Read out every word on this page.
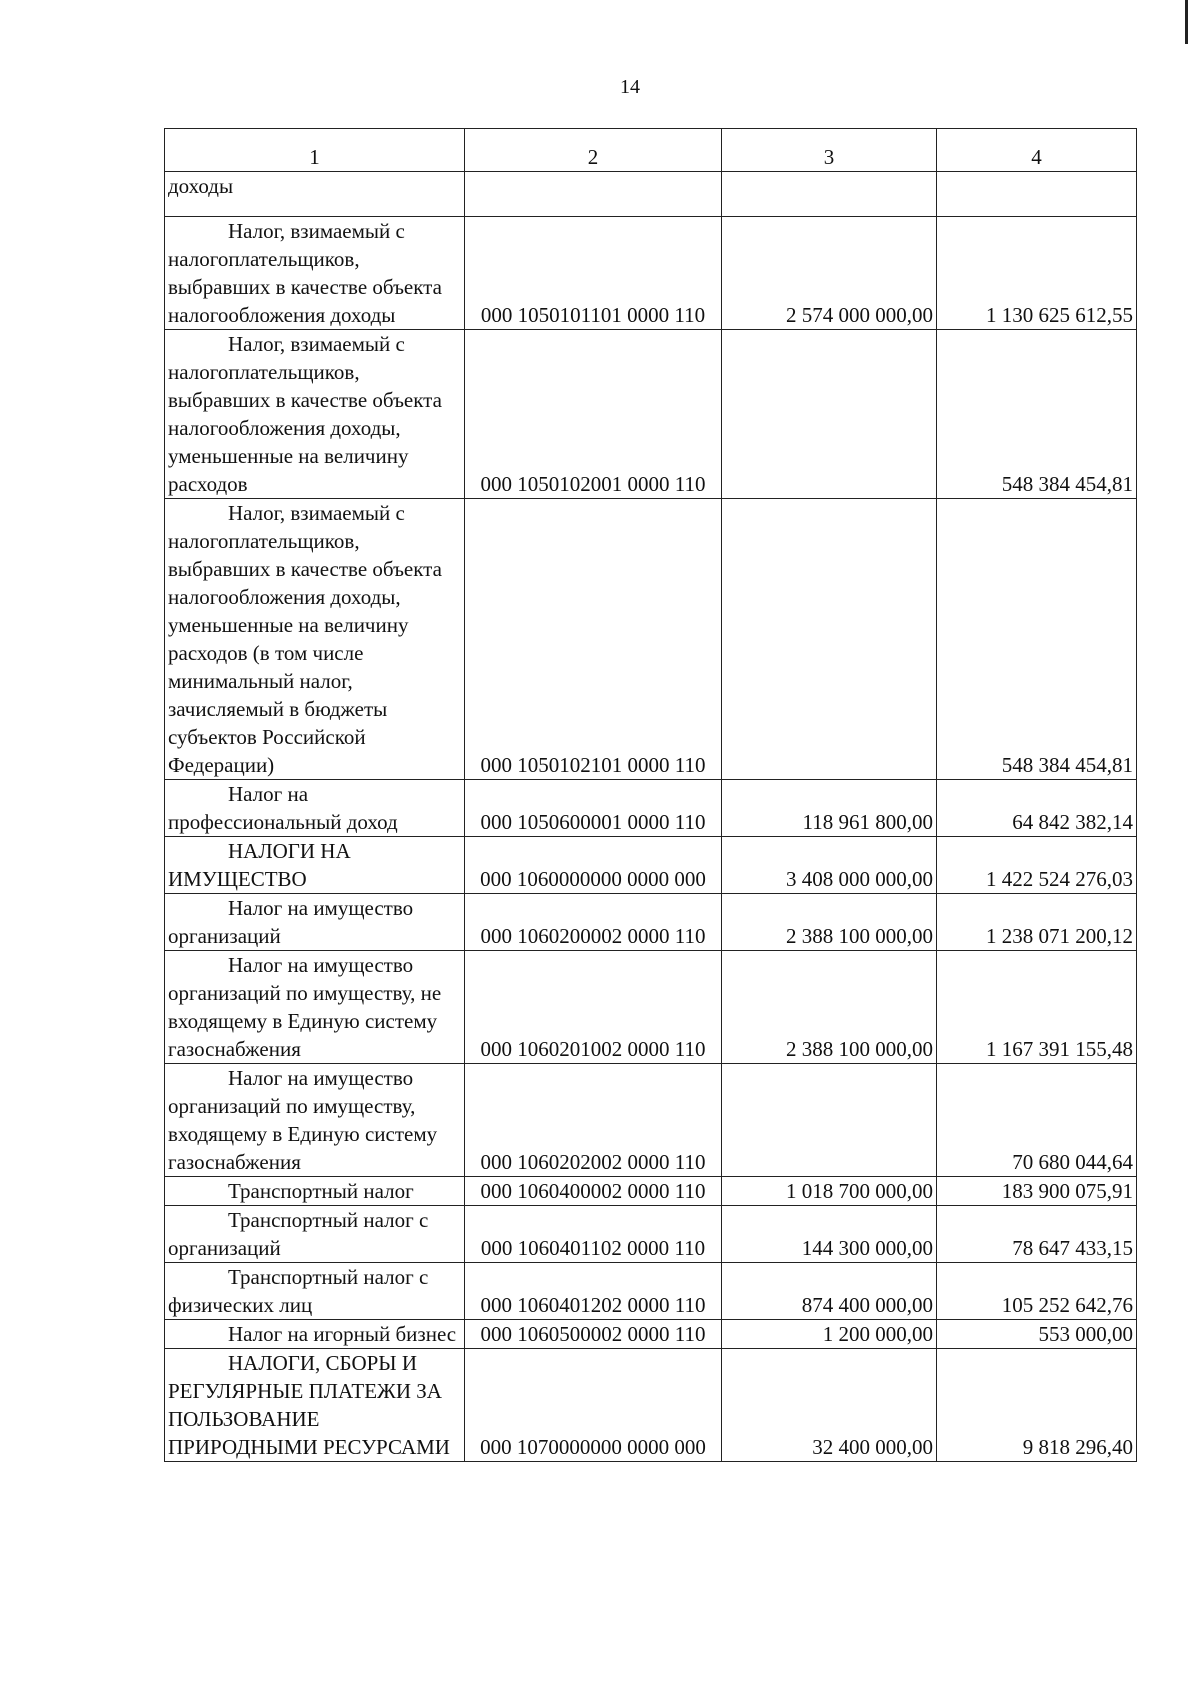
14
1	2	3	4
доходы			
Налог, взимаемый с налогоплательщиков, выбравших в качестве объекта налогообложения доходы	000 1050101101 0000 110	2 574 000 000,00	1 130 625 612,55
Налог, взимаемый с налогоплательщиков, выбравших в качестве объекта налогообложения доходы, уменьшенные на величину расходов	000 1050102001 0000 110		548 384 454,81
Налог, взимаемый с налогоплательщиков, выбравших в качестве объекта налогообложения доходы, уменьшенные на величину расходов (в том числе минимальный налог, зачисляемый в бюджеты субъектов Российской Федерации)	000 1050102101 0000 110		548 384 454,81
Налог на профессиональный доход	000 1050600001 0000 110	118 961 800,00	64 842 382,14
НАЛОГИ НА ИМУЩЕСТВО	000 1060000000 0000 000	3 408 000 000,00	1 422 524 276,03
Налог на имущество организаций	000 1060200002 0000 110	2 388 100 000,00	1 238 071 200,12
Налог на имущество организаций по имуществу, не входящему в Единую систему газоснабжения	000 1060201002 0000 110	2 388 100 000,00	1 167 391 155,48
Налог на имущество организаций по имуществу, входящему в Единую систему газоснабжения	000 1060202002 0000 110		70 680 044,64
Транспортный налог	000 1060400002 0000 110	1 018 700 000,00	183 900 075,91
Транспортный налог с организаций	000 1060401102 0000 110	144 300 000,00	78 647 433,15
Транспортный налог с физических лиц	000 1060401202 0000 110	874 400 000,00	105 252 642,76
Налог на игорный бизнес	000 1060500002 0000 110	1 200 000,00	553 000,00
НАЛОГИ, СБОРЫ И РЕГУЛЯРНЫЕ ПЛАТЕЖИ ЗА ПОЛЬЗОВАНИЕ ПРИРОДНЫМИ РЕСУРСАМИ	000 1070000000 0000 000	32 400 000,00	9 818 296,40
